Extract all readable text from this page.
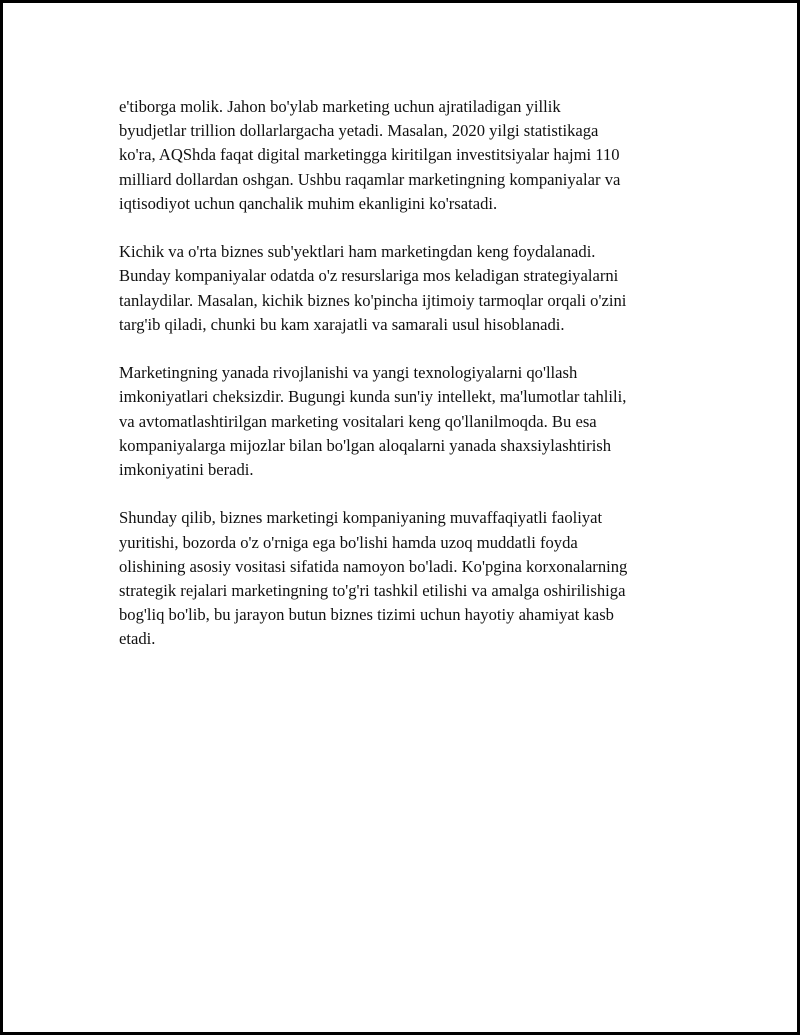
e'tiborga molik. Jahon bo'ylab marketing uchun ajratiladigan yillik
byudjetlar trillion dollarlargacha yetadi. Masalan, 2020 yilgi statistikaga
ko'ra, AQShda faqat digital marketingga kiritilgan investitsiyalar hajmi 110
milliard dollardan oshgan. Ushbu raqamlar marketingning kompaniyalar va
iqtisodiyot uchun qanchalik muhim ekanligini ko'rsatadi.

Kichik va o'rta biznes sub'yektlari ham marketingdan keng foydalanadi.
Bunday kompaniyalar odatda o'z resurslariga mos keladigan strategiyalarni
tanlaydilar. Masalan, kichik biznes ko'pincha ijtimoiy tarmoqlar orqali o'zini
targ'ib qiladi, chunki bu kam xarajatli va samarali usul hisoblanadi.

Marketingning yanada rivojlanishi va yangi texnologiyalarni qo'llash
imkoniyatlari cheksizdir. Bugungi kunda sun'iy intellekt, ma'lumotlar tahlili,
va avtomatlashtirilgan marketing vositalari keng qo'llanilmoqda. Bu esa
kompaniyalarga mijozlar bilan bo'lgan aloqalarni yanada shaxsiylashtirish
imkoniyatini beradi.

Shunday qilib, biznes marketingi kompaniyaning muvaffaqiyatli faoliyat
yuritishi, bozorda o'z o'rniga ega bo'lishi hamda uzoq muddatli foyda
olishining asosiy vositasi sifatida namoyon bo'ladi. Ko'pgina korxonalarning
strategik rejalari marketingning to'g'ri tashkil etilishi va amalga oshirilishiga
bog'liq bo'lib, bu jarayon butun biznes tizimi uchun hayotiy ahamiyat kasb
etadi.
